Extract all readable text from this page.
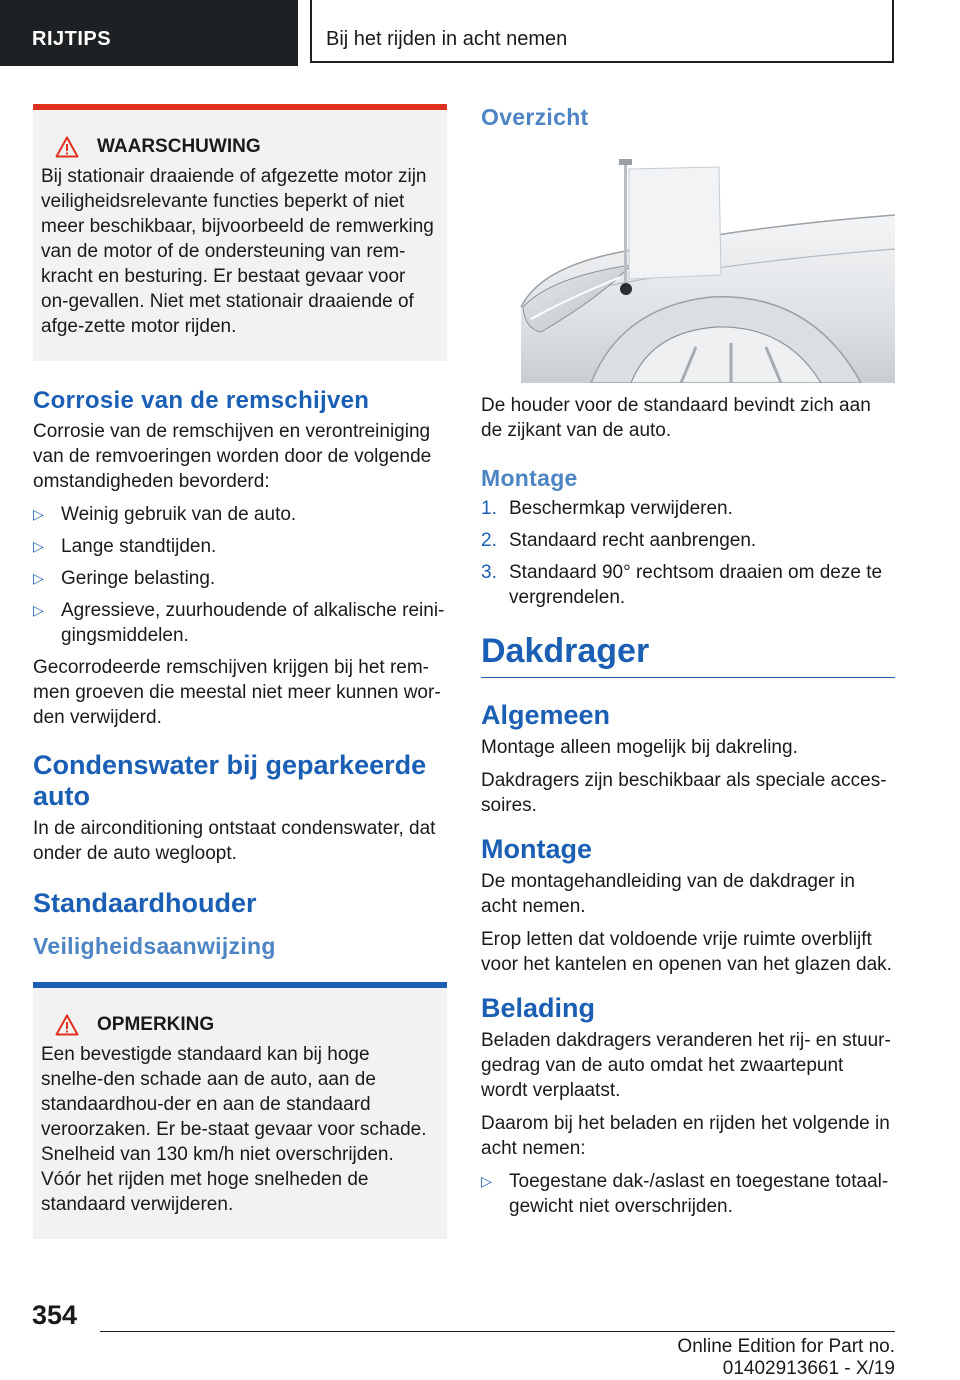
RIJTIPS	Bij het rijden in acht nemen
WAARSCHUWING
Bij stationair draaiende of afgezette motor zijn veiligheidsrelevante functies beperkt of niet meer beschikbaar, bijvoorbeeld de remwerking van de motor of de ondersteuning van rem-kracht en besturing. Er bestaat gevaar voor on-gevallen. Niet met stationair draaiende of afge-zette motor rijden.
Corrosie van de remschijven

Corrosie van de remschijven en verontreiniging van de remvoeringen worden door de volgende omstandigheden bevorderd:

▷ Weinig gebruik van de auto.
▷ Lange standtijden.
▷ Geringe belasting.
▷ Agressieve, zuurhoudende of alkalische reini-gingsmiddelen.

Gecorrodeerde remschijven krijgen bij het rem-men groeven die meestal niet meer kunnen wor-den verwijderd.

Condenswater bij geparkeerde auto

In de airconditioning ontstaat condenswater, dat onder de auto wegloopt.

Standaardhouder
Veiligheidsaanwijzing
OPMERKING
Een bevestigde standaard kan bij hoge snelhe-den schade aan de auto, aan de standaardhou-der en aan de standaard veroorzaken. Er be-staat gevaar voor schade. Snelheid van 130 km/h niet overschrijden. Vóór het rijden met hoge snelheden de standaard verwijderen.
Overzicht

De houder voor de standaard bevindt zich aan de zijkant van de auto.

Montage
1. Beschermkap verwijderen.
2. Standaard recht aanbrengen.
3. Standaard 90° rechtsom draaien om deze te vergrendelen.
Dakdrager
Algemeen

Montage alleen mogelijk bij dakreling.

Dakdragers zijn beschikbaar als speciale acces-soires.

Montage

De montagehandleiding van de dakdrager in acht nemen.

Erop letten dat voldoende vrije ruimte overblijft voor het kantelen en openen van het glazen dak.

Belading

Beladen dakdragers veranderen het rij- en stuur-gedrag van de auto omdat het zwaartepunt wordt verplaatst.

Daarom bij het beladen en rijden het volgende in acht nemen:

▷ Toegestane dak-/aslast en toegestane totaal-gewicht niet overschrijden.
354
Online Edition for Part no. 01402913661 - X/19
